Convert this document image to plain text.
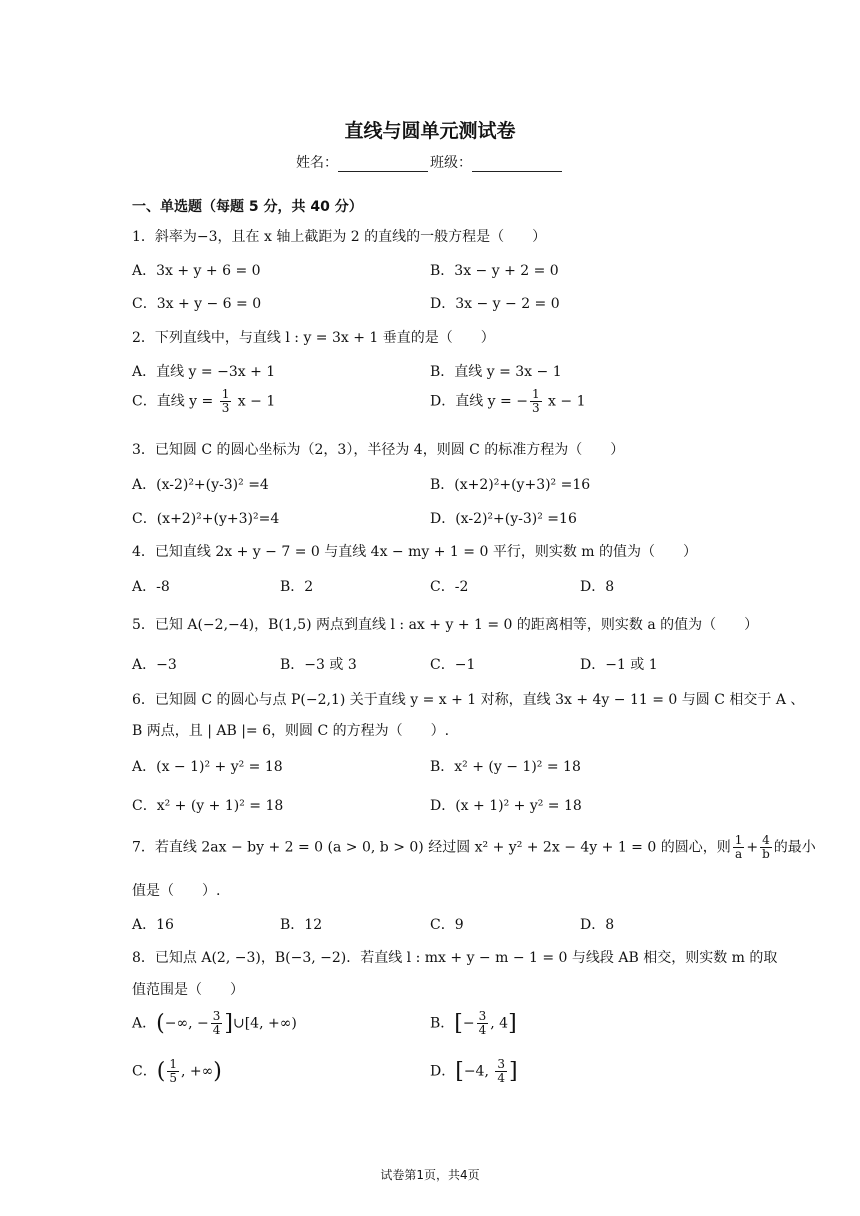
直线与圆单元测试卷
姓名：	班级：
一、单选题（每题 5 分，共 40 分）
1．斜率为−3，且在 x 轴上截距为 2 的直线的一般方程是（　　）
A．3x + y + 6 = 0	B．3x − y + 2 = 0
C．3x + y − 6 = 0	D．3x − y − 2 = 0
2．下列直线中，与直线 l : y = 3x + 1 垂直的是（　　）
A．直线 y = −3x + 1	B．直线 y = 3x − 1
C．直线 $y = \frac{1}{3}$ x − 1	D．直线 y = − $\frac{1}{3}$ x − 1
3．已知圆 C 的圆心坐标为（2，3），半径为 4，则圆 C 的标准方程为（　　）
A．(x-2)²+(y-3)² =4	B．(x+2)²+(y+3)² =16
C．(x+2)²+(y+3)²=4	D．(x-2)²+(y-3)² =16
4．已知直线 2x + y − 7 = 0 与直线 4x − my + 1 = 0 平行，则实数 m 的值为（　　）
A．-8	B．2	C．-2	D．8
5．已知 A(−2,−4)，B(1,5) 两点到直线 l : ax + y + 1 = 0 的距离相等，则实数 a 的值为（　　）
A．−3	B．−3 或 3	C．−1	D．−1 或 1
6．已知圆 C 的圆心与点 P(−2,1) 关于直线 y = x + 1 对称，直线 3x + 4y − 11 = 0 与圆 C 相交于 A 、
B 两点，且 | AB |= 6，则圆 C 的方程为（　　）.
A．(x − 1)² + y² = 18	B．x² + (y − 1)² = 18
C．x² + (y + 1)² = 18	D．(x + 1)² + y² = 18
7．若直线 2ax − by + 2 = 0 (a > 0, b > 0) 经过圆 x² + y² + 2x − 4y + 1 = 0 的圆心，则 $\frac{1}{a} + \frac{4}{b}$ 的最小
值是（　　）.
A．16	B．12	C．9	D．8
8．已知点 A(2, −3)，B(−3, −2)．若直线 l : mx + y − m − 1 = 0 与线段 AB 相交，则实数 m 的取
值范围是（　　）
A．(−∞, − $\frac{3}{4}$ ]∪[4, +∞)	B．[− $\frac{3}{4}$ , 4]
C．( $\frac{1}{5}$ , +∞)	D．[−4, $\frac{3}{4}$ ]
试卷第1页，共4页
